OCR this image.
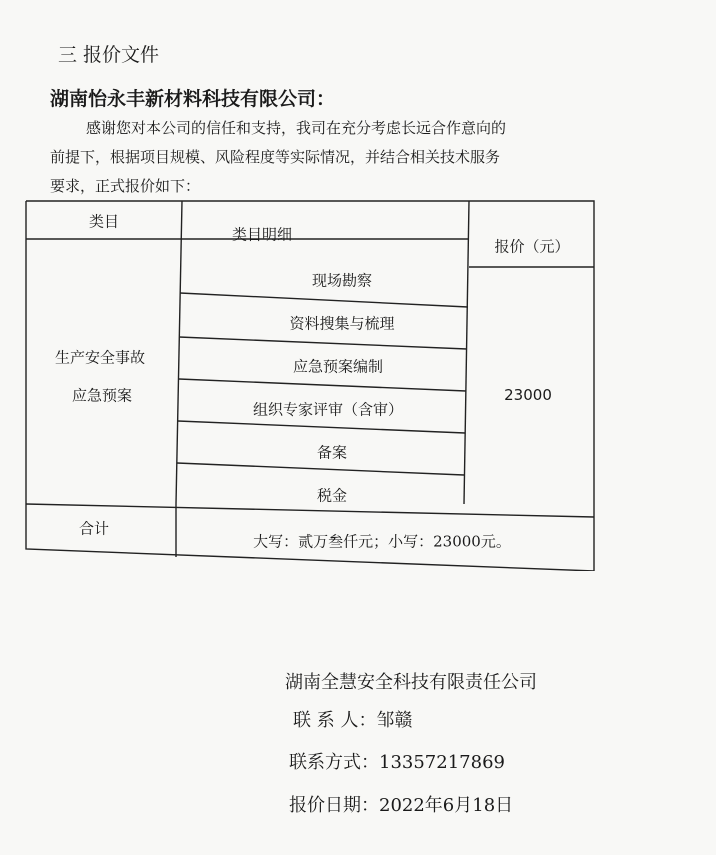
三 报价文件
湖南怡永丰新材料科技有限公司：
感谢您对本公司的信任和支持，我司在充分考虑长远合作意向的
前提下，根据项目规模、风险程度等实际情况，并结合相关技术服务
要求，正式报价如下：
类目
类目明细
报价（元）
生产安全事故
应急预案
现场勘察
资料搜集与梳理
应急预案编制
组织专家评审（含审）
备案
税金
23000
合计
大写：贰万叁仟元；小写：23000元。
湖南全慧安全科技有限责任公司
联 系 人：邹赣
联系方式：13357217869
报价日期：2022年6月18日
